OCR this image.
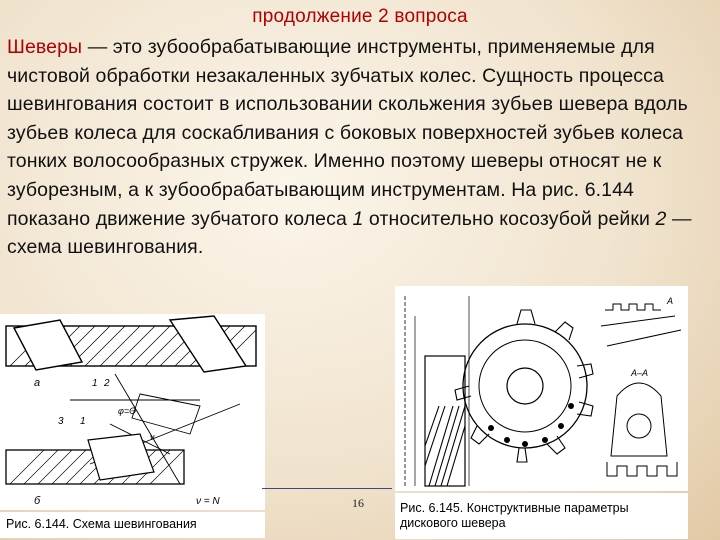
продолжение 2 вопроса
Шеверы — это зубообрабатывающие инструменты, применяемые для чистовой обработки незакаленных зубчатых колес. Сущность процесса шевингования состоит в использовании скольжения зубьев шевера вдоль зубьев колеса для соскабливания с боковых поверхностей зубьев колеса тонких волосообразных стружек. Именно поэтому шеверы относят не к зуборезным, а к зубообрабатывающим инструментам. На рис. 6.144 показано движение зубчатого колеса 1 относительно косозубой рейки 2 — схема шевингования.
а	1 2
φ=Θ
ν
3 1
б	ν = N
А–А
А
16
Рис. 6.144. Схема шевингования
Рис. 6.145. Конструктивные параметры дискового шевера
